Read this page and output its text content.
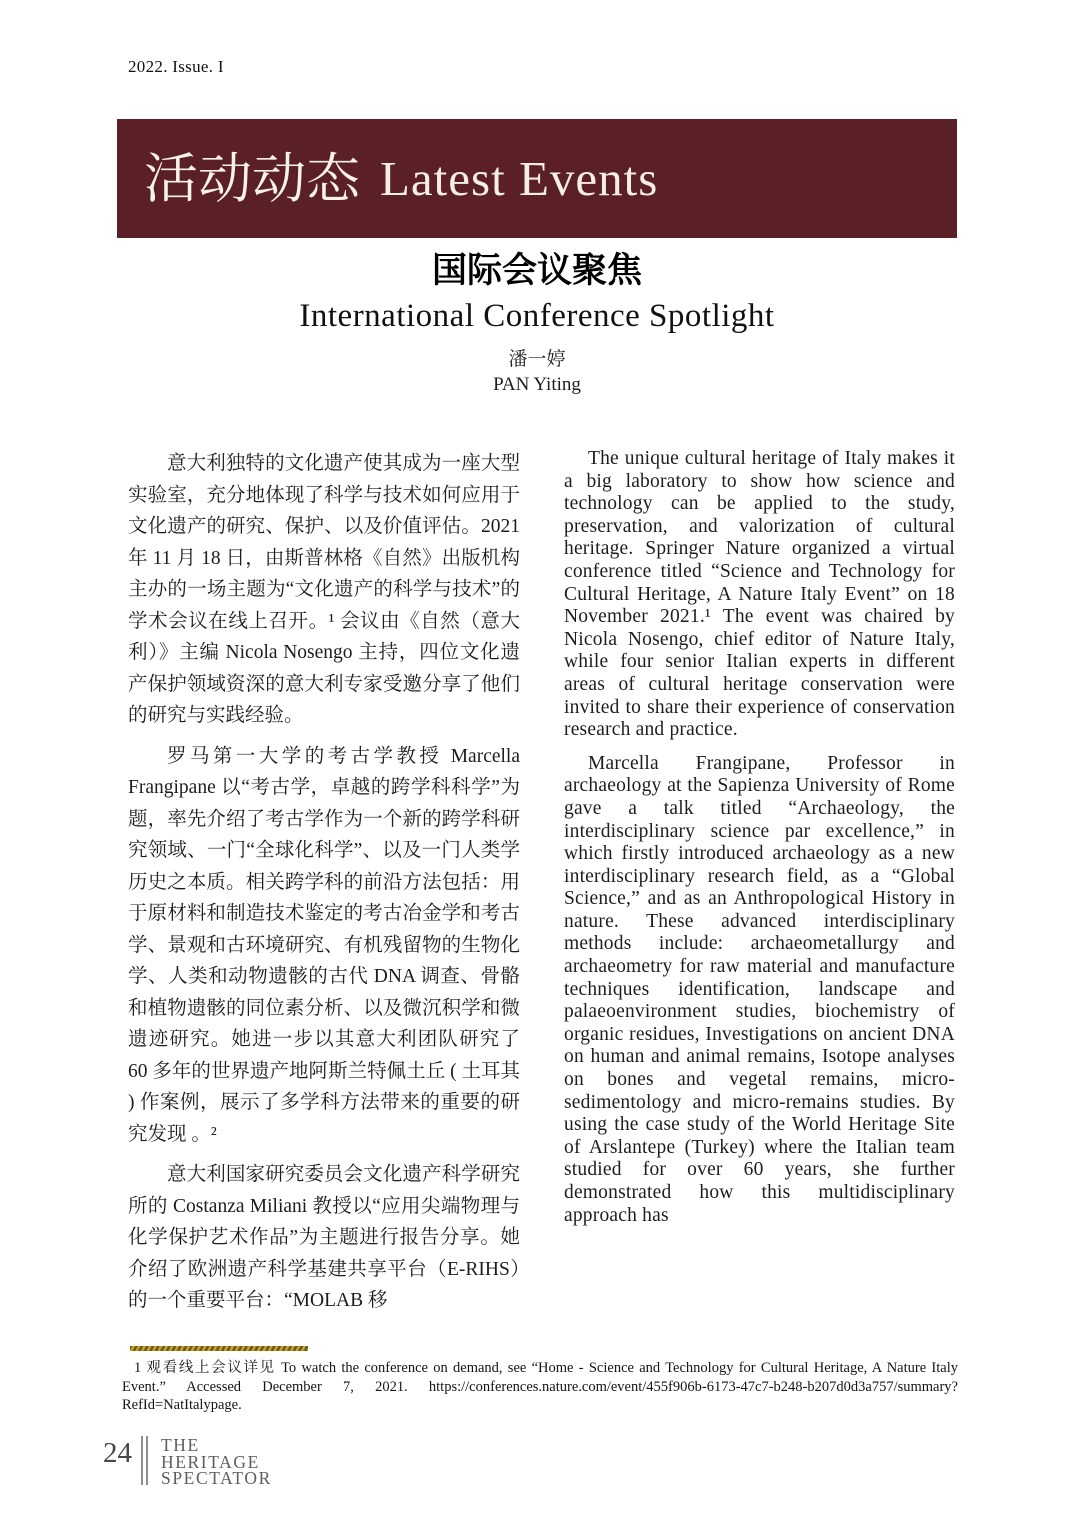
2022. Issue. I
活动动态 Latest Events
国际会议聚焦
International Conference Spotlight
潘一婷
PAN Yiting

意大利独特的文化遗产使其成为一座大型实验室，充分地体现了科学与技术如何应用于文化遗产的研究、保护、以及价值评估。2021 年 11 月 18 日，由斯普林格《自然》出版机构主办的一场主题为“文化遗产的科学与技术”的学术会议在线上召开。¹ 会议由《自然（意大利）》主编 Nicola Nosengo 主持，四位文化遗产保护领域资深的意大利专家受邀分享了他们的研究与实践经验。

罗马第一大学的考古学教授 Marcella Frangipane 以“考古学，卓越的跨学科科学”为题，率先介绍了考古学作为一个新的跨学科研究领域、一门“全球化科学”、以及一门人类学历史之本质。相关跨学科的前沿方法包括：用于原材料和制造技术鉴定的考古冶金学和考古学、景观和古环境研究、有机残留物的生物化学、人类和动物遗骸的古代 DNA 调查、骨骼和植物遗骸的同位素分析、以及微沉积学和微遗迹研究。她进一步以其意大利团队研究了 60 多年的世界遗产地阿斯兰特佩土丘 ( 土耳其 ) 作案例，展示了多学科方法带来的重要的研究发现 。²

意大利国家研究委员会文化遗产科学研究所的 Costanza Miliani 教授以“应用尖端物理与化学保护艺术作品”为主题进行报告分享。她介绍了欧洲遗产科学基建共享平台（E-RIHS）的一个重要平台：“MOLAB 移

The unique cultural heritage of Italy makes it a big laboratory to show how science and technology can be applied to the study, preservation, and valorization of cultural heritage. Springer Nature organized a virtual conference titled “Science and Technology for Cultural Heritage, A Nature Italy Event” on 18 November 2021.¹ The event was chaired by Nicola Nosengo, chief editor of Nature Italy, while four senior Italian experts in different areas of cultural heritage conservation were invited to share their experience of conservation research and practice.

Marcella Frangipane, Professor in archaeology at the Sapienza University of Rome gave a talk titled “Archaeology, the interdisciplinary science par excellence,” in which firstly introduced archaeology as a new interdisciplinary research field, as a “Global Science,” and as an Anthropological History in nature. These advanced interdisciplinary methods include: archaeometallurgy and archaeometry for raw material and manufacture techniques identification, landscape and palaeoenvironment studies, biochemistry of organic residues, Investigations on ancient DNA on human and animal remains, Isotope analyses on bones and vegetal remains, micro-sedimentology and micro-remains studies. By using the case study of the World Heritage Site of Arslantepe (Turkey) where the Italian team studied for over 60 years, she further demonstrated how this multidisciplinary approach has

1 观看线上会议详见 To watch the conference on demand, see “Home - Science and Technology for Cultural Heritage, A Nature Italy Event.” Accessed December 7, 2021. https://conferences.nature.com/event/455f906b-6173-47c7-b248-b207d0d3a757/summary?RefId=NatItalypage.
24 THE
HERITAGE
SPECTATOR
